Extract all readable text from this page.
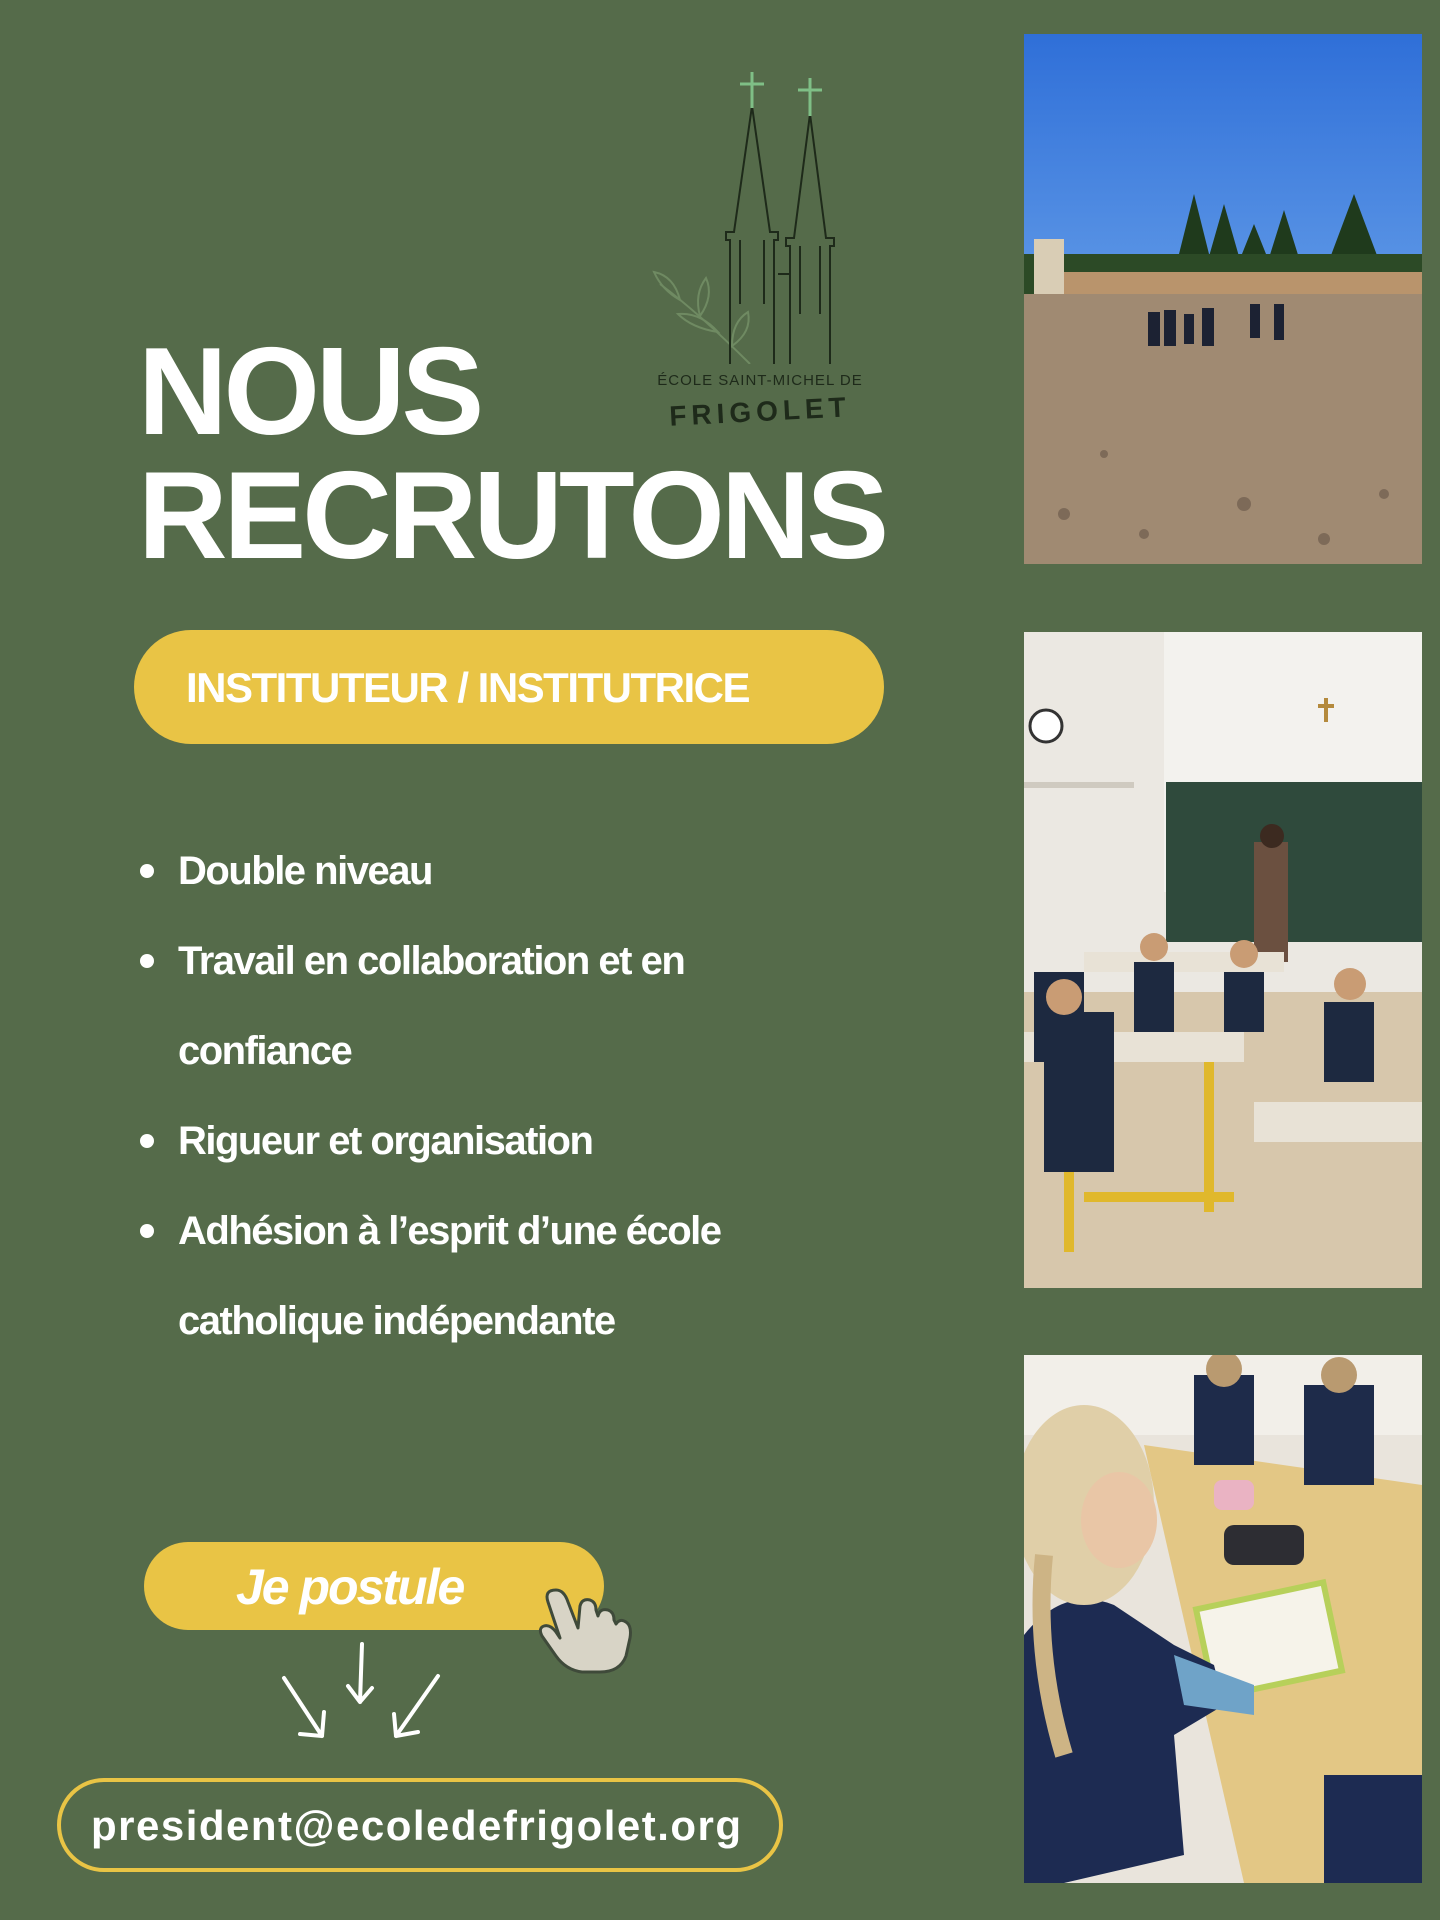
ÉCOLE SAINT-MICHEL DE
FRIGOLET
NOUS
RECRUTONS
INSTITUTEUR / INSTITUTRICE
Double niveau
Travail en collaboration et en confiance
Rigueur et organisation
Adhésion à l’esprit d’une école catholique indépendante
Je postule
president@ecoledefrigolet.org
